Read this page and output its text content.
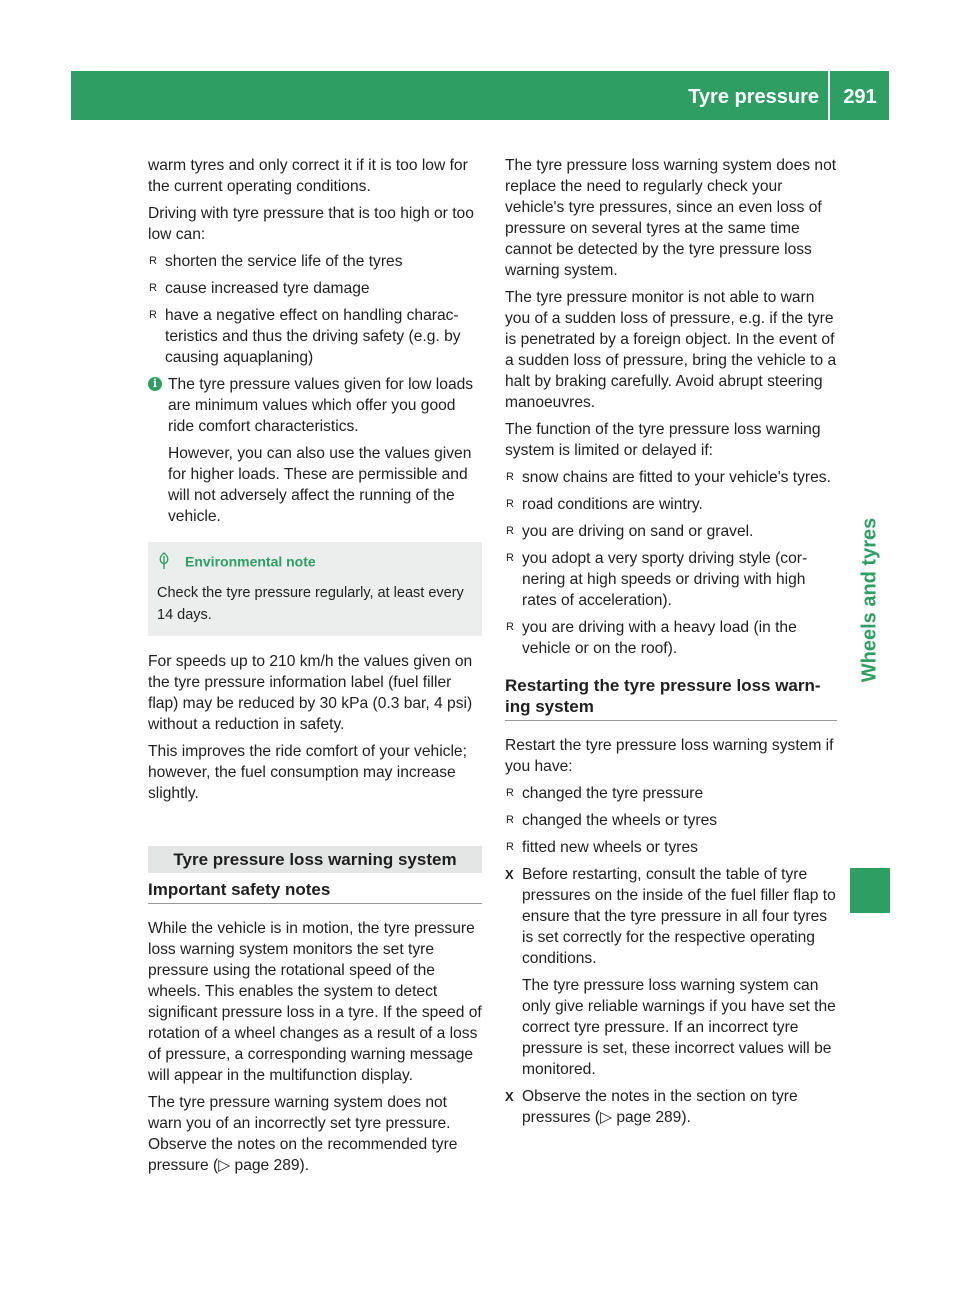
Tyre pressure	291
Wheels and tyres

warm tyres and only correct it if it is too low for the current operating conditions.

Driving with tyre pressure that is too high or too low can:

R shorten the service life of the tyres
R cause increased tyre damage
R have a negative effect on handling characteristics and thus the driving safety (e.g. by causing aquaplaning)
i The tyre pressure values given for low loads are minimum values which offer you good ride comfort characteristics.

However, you can also use the values given for higher loads. These are permissible and will not adversely affect the running of the vehicle.

Environmental note
Check the tyre pressure regularly, at least every 14 days.

For speeds up to 210 km/h the values given on the tyre pressure information label (fuel filler flap) may be reduced by 30 kPa (0.3 bar, 4 psi) without a reduction in safety.

This improves the ride comfort of your vehicle; however, the fuel consumption may increase slightly.

Tyre pressure loss warning system
Important safety notes

While the vehicle is in motion, the tyre pressure loss warning system monitors the set tyre pressure using the rotational speed of the wheels. This enables the system to detect significant pressure loss in a tyre. If the speed of rotation of a wheel changes as a result of a loss of pressure, a corresponding warning message will appear in the multifunction display.

The tyre pressure warning system does not warn you of an incorrectly set tyre pressure. Observe the notes on the recommended tyre pressure (▷ page 289).

The tyre pressure loss warning system does not replace the need to regularly check your vehicle's tyre pressures, since an even loss of pressure on several tyres at the same time cannot be detected by the tyre pressure loss warning system.

The tyre pressure monitor is not able to warn you of a sudden loss of pressure, e.g. if the tyre is penetrated by a foreign object. In the event of a sudden loss of pressure, bring the vehicle to a halt by braking carefully. Avoid abrupt steering manoeuvres.

The function of the tyre pressure loss warning system is limited or delayed if:

R snow chains are fitted to your vehicle's tyres.
R road conditions are wintry.
R you are driving on sand or gravel.
R you adopt a very sporty driving style (cornering at high speeds or driving with high rates of acceleration).
R you are driving with a heavy load (in the vehicle or on the roof).
Restarting the tyre pressure loss warning system

Restart the tyre pressure loss warning system if you have:

R changed the tyre pressure
R changed the wheels or tyres
R fitted new wheels or tyres
X Before restarting, consult the table of tyre pressures on the inside of the fuel filler flap to ensure that the tyre pressure in all four tyres is set correctly for the respective operating conditions.

The tyre pressure loss warning system can only give reliable warnings if you have set the correct tyre pressure. If an incorrect tyre pressure is set, these incorrect values will be monitored.

X Observe the notes in the section on tyre pressures (▷ page 289).
